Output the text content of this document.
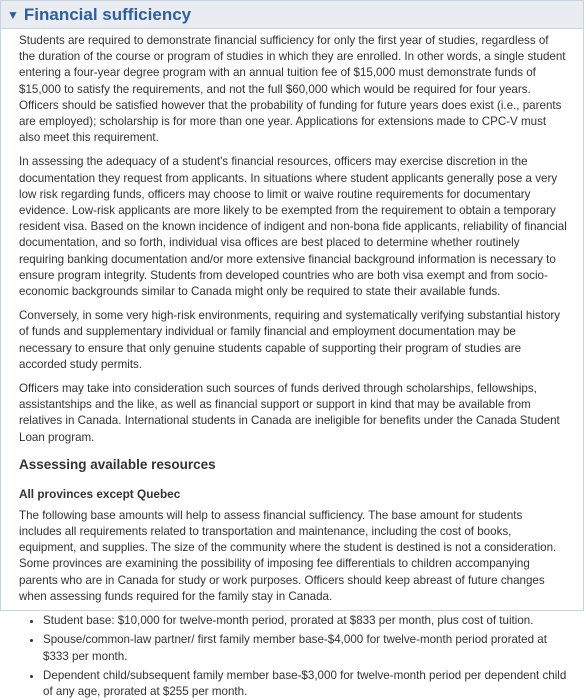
▼ Financial sufficiency

Students are required to demonstrate financial sufficiency for only the first year of studies, regardless of the duration of the course or program of studies in which they are enrolled. In other words, a single student entering a four-year degree program with an annual tuition fee of $15,000 must demonstrate funds of $15,000 to satisfy the requirements, and not the full $60,000 which would be required for four years. Officers should be satisfied however that the probability of funding for future years does exist (i.e., parents are employed); scholarship is for more than one year. Applications for extensions made to CPC-V must also meet this requirement.

In assessing the adequacy of a student's financial resources, officers may exercise discretion in the documentation they request from applicants. In situations where student applicants generally pose a very low risk regarding funds, officers may choose to limit or waive routine requirements for documentary evidence. Low-risk applicants are more likely to be exempted from the requirement to obtain a temporary resident visa. Based on the known incidence of indigent and non-bona fide applicants, reliability of financial documentation, and so forth, individual visa offices are best placed to determine whether routinely requiring banking documentation and/or more extensive financial background information is necessary to ensure program integrity. Students from developed countries who are both visa exempt and from socio-economic backgrounds similar to Canada might only be required to state their available funds.

Conversely, in some very high-risk environments, requiring and systematically verifying substantial history of funds and supplementary individual or family financial and employment documentation may be necessary to ensure that only genuine students capable of supporting their program of studies are accorded study permits.

Officers may take into consideration such sources of funds derived through scholarships, fellowships, assistantships and the like, as well as financial support or support in kind that may be available from relatives in Canada. International students in Canada are ineligible for benefits under the Canada Student Loan program.

Assessing available resources
All provinces except Quebec

The following base amounts will help to assess financial sufficiency. The base amount for students includes all requirements related to transportation and maintenance, including the cost of books, equipment, and supplies. The size of the community where the student is destined is not a consideration. Some provinces are examining the possibility of imposing fee differentials to children accompanying parents who are in Canada for study or work purposes. Officers should keep abreast of future changes when assessing funds required for the family stay in Canada.

• Student base: $10,000 for twelve-month period, prorated at $833 per month, plus cost of tuition.
• Spouse/common-law partner/ first family member base-$4,000 for twelve-month period prorated at $333 per month.
• Dependent child/subsequent family member base-$3,000 for twelve-month period per dependent child of any age, prorated at $255 per month.
